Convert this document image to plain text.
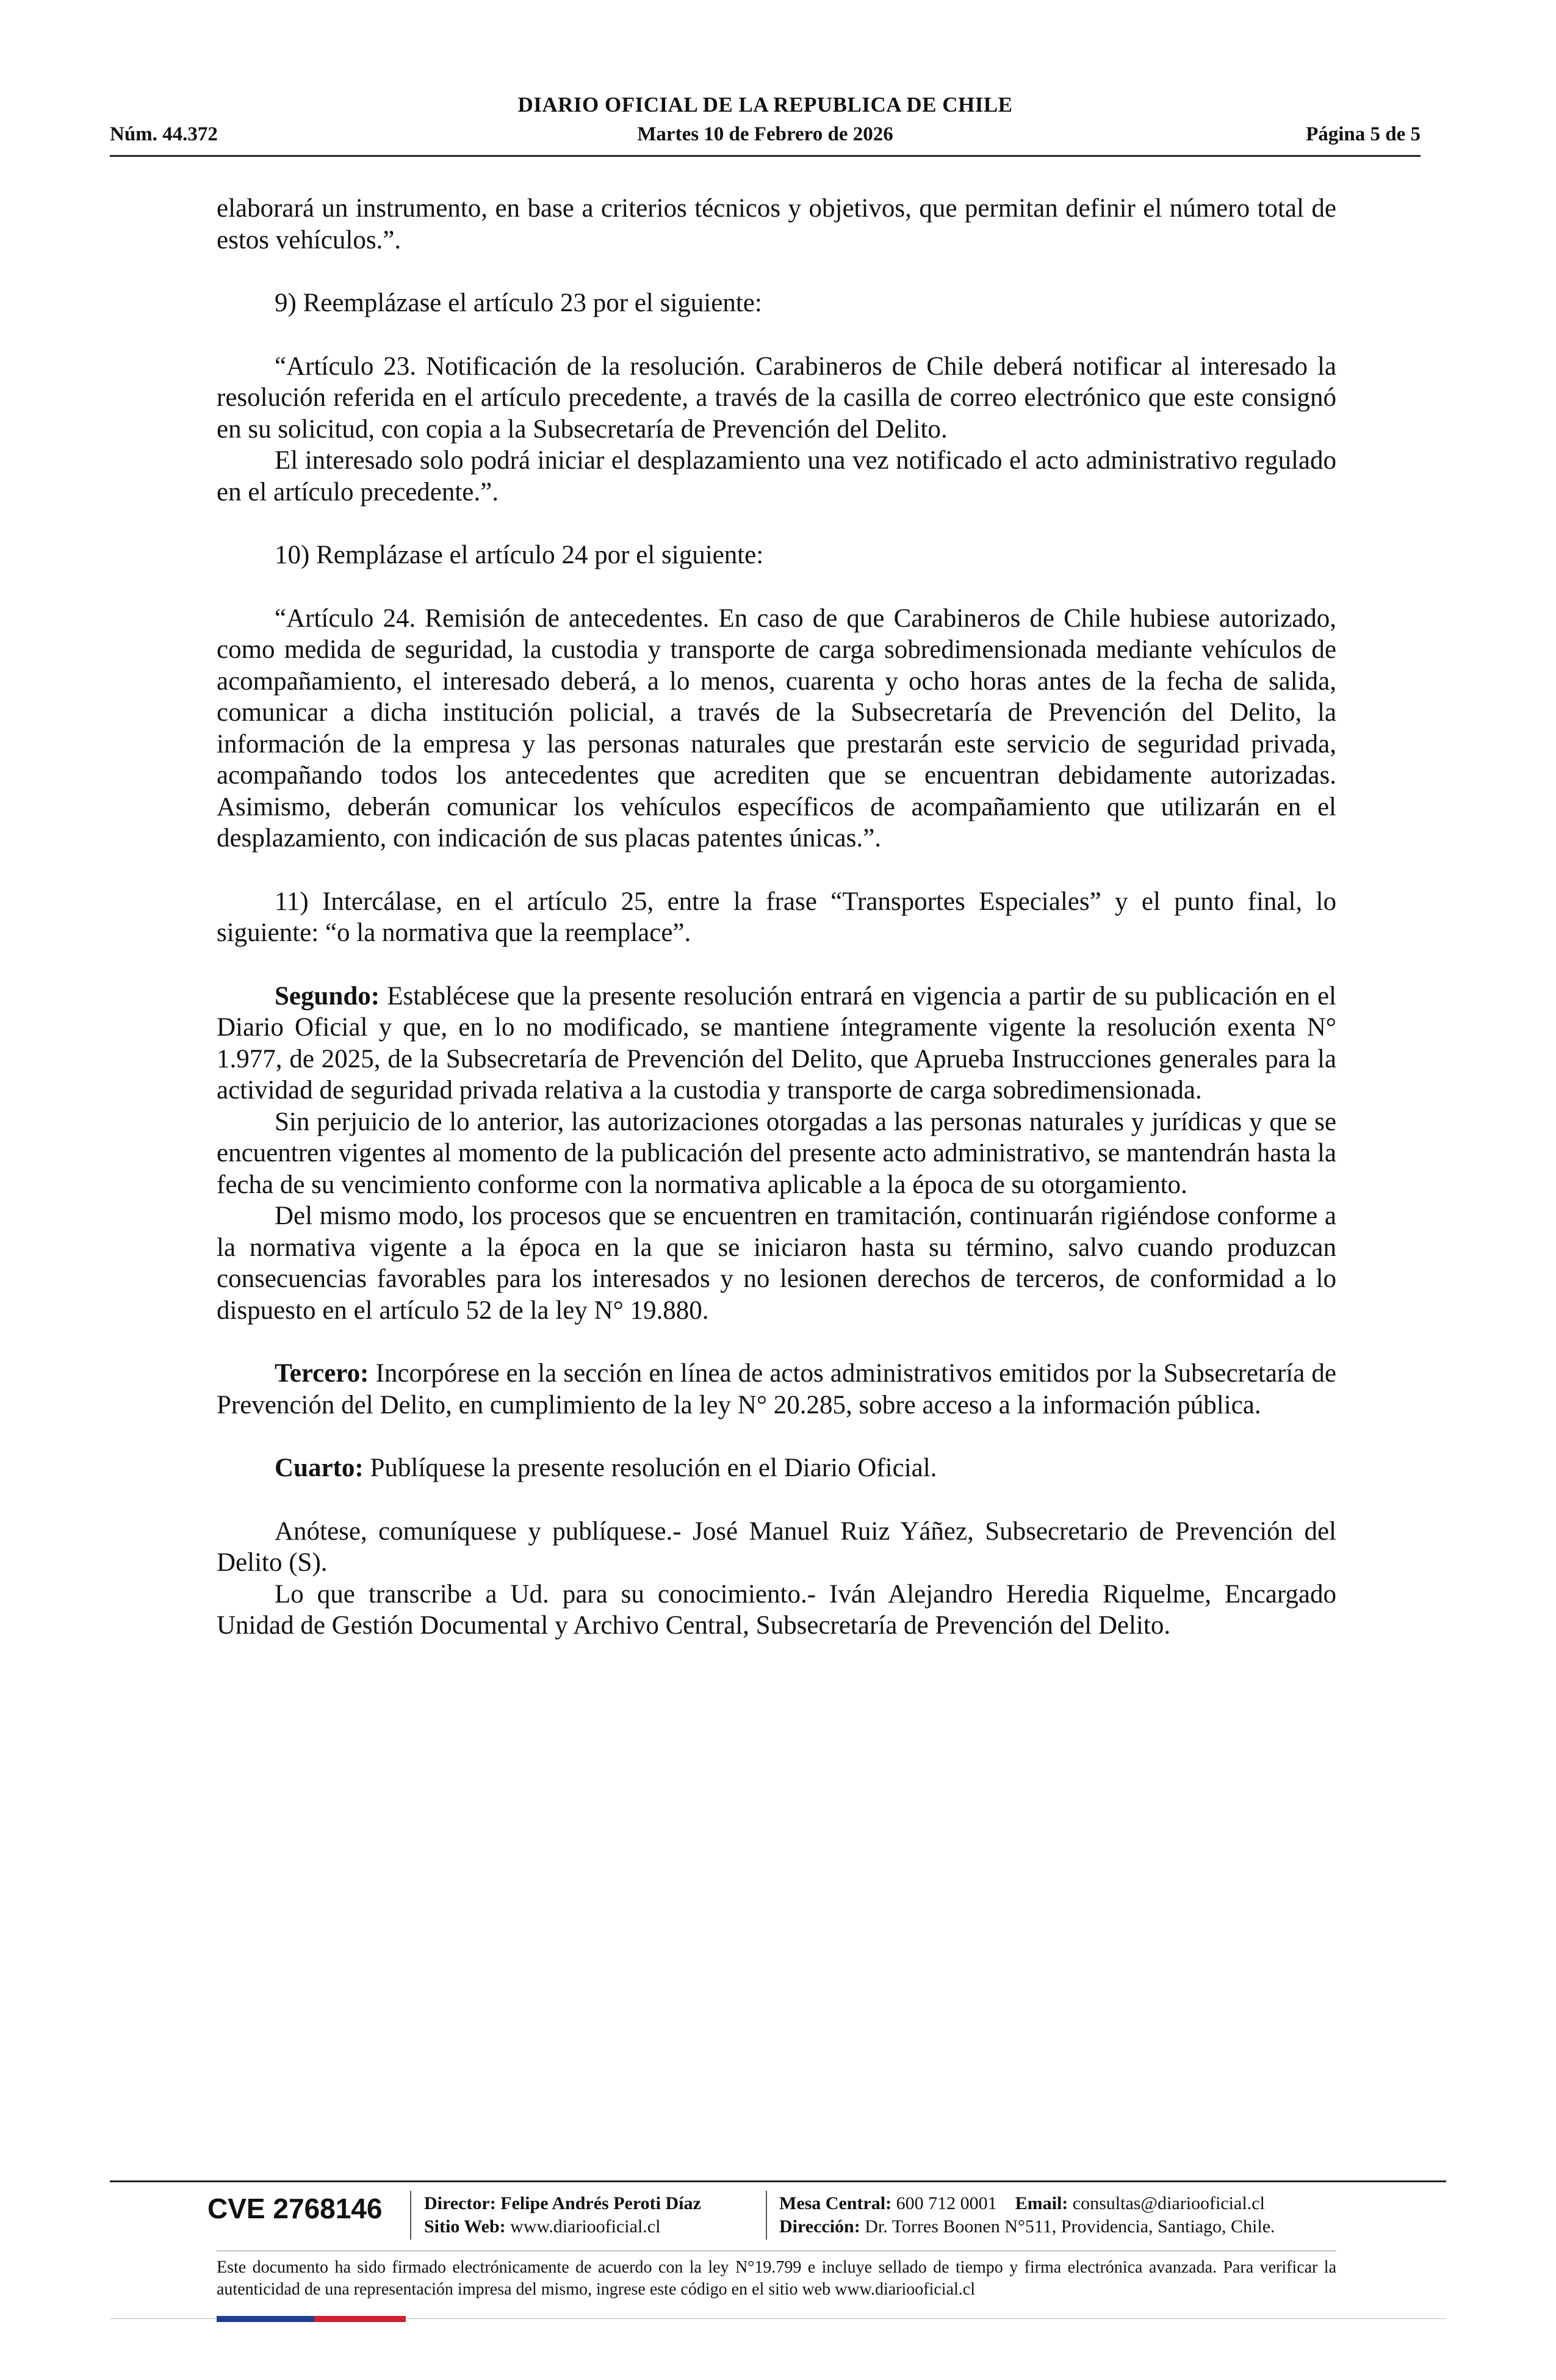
DIARIO OFICIAL DE LA REPUBLICA DE CHILE
Núm. 44.372	Martes 10 de Febrero de 2026	Página 5 de 5

elaborará un instrumento, en base a criterios técnicos y objetivos, que permitan definir el número total de estos vehículos.”.

9) Reemplázase el artículo 23 por el siguiente:

“Artículo 23. Notificación de la resolución. Carabineros de Chile deberá notificar al interesado la resolución referida en el artículo precedente, a través de la casilla de correo electrónico que este consignó en su solicitud, con copia a la Subsecretaría de Prevención del Delito.

El interesado solo podrá iniciar el desplazamiento una vez notificado el acto administrativo regulado en el artículo precedente.”.

10) Remplázase el artículo 24 por el siguiente:

“Artículo 24. Remisión de antecedentes. En caso de que Carabineros de Chile hubiese autorizado, como medida de seguridad, la custodia y transporte de carga sobredimensionada mediante vehículos de acompañamiento, el interesado deberá, a lo menos, cuarenta y ocho horas antes de la fecha de salida, comunicar a dicha institución policial, a través de la Subsecretaría de Prevención del Delito, la información de la empresa y las personas naturales que prestarán este servicio de seguridad privada, acompañando todos los antecedentes que acrediten que se encuentran debidamente autorizadas. Asimismo, deberán comunicar los vehículos específicos de acompañamiento que utilizarán en el desplazamiento, con indicación de sus placas patentes únicas.”.

11) Intercálase, en el artículo 25, entre la frase “Transportes Especiales” y el punto final, lo siguiente: “o la normativa que la reemplace”.

Segundo: Establécese que la presente resolución entrará en vigencia a partir de su publicación en el Diario Oficial y que, en lo no modificado, se mantiene íntegramente vigente la resolución exenta N° 1.977, de 2025, de la Subsecretaría de Prevención del Delito, que Aprueba Instrucciones generales para la actividad de seguridad privada relativa a la custodia y transporte de carga sobredimensionada.

Sin perjuicio de lo anterior, las autorizaciones otorgadas a las personas naturales y jurídicas y que se encuentren vigentes al momento de la publicación del presente acto administrativo, se mantendrán hasta la fecha de su vencimiento conforme con la normativa aplicable a la época de su otorgamiento.

Del mismo modo, los procesos que se encuentren en tramitación, continuarán rigiéndose conforme a la normativa vigente a la época en la que se iniciaron hasta su término, salvo cuando produzcan consecuencias favorables para los interesados y no lesionen derechos de terceros, de conformidad a lo dispuesto en el artículo 52 de la ley N° 19.880.

Tercero: Incorpórese en la sección en línea de actos administrativos emitidos por la Subsecretaría de Prevención del Delito, en cumplimiento de la ley N° 20.285, sobre acceso a la información pública.

Cuarto: Publíquese la presente resolución en el Diario Oficial.

Anótese, comuníquese y publíquese.- José Manuel Ruiz Yáñez, Subsecretario de Prevención del Delito (S).

Lo que transcribe a Ud. para su conocimiento.- Iván Alejandro Heredia Riquelme, Encargado Unidad de Gestión Documental y Archivo Central, Subsecretaría de Prevención del Delito.

CVE 2768146 Director: Felipe Andrés Peroti Díaz
Sitio Web: www.diariooficial.cl
Mesa Central: 600 712 0001 Email: consultas@diariooficial.cl
Dirección: Dr. Torres Boonen N°511, Providencia, Santiago, Chile.
Este documento ha sido firmado electrónicamente de acuerdo con la ley N°19.799 e incluye sellado de tiempo y firma electrónica avanzada. Para verificar la autenticidad de una representación impresa del mismo, ingrese este código en el sitio web www.diariooficial.cl
